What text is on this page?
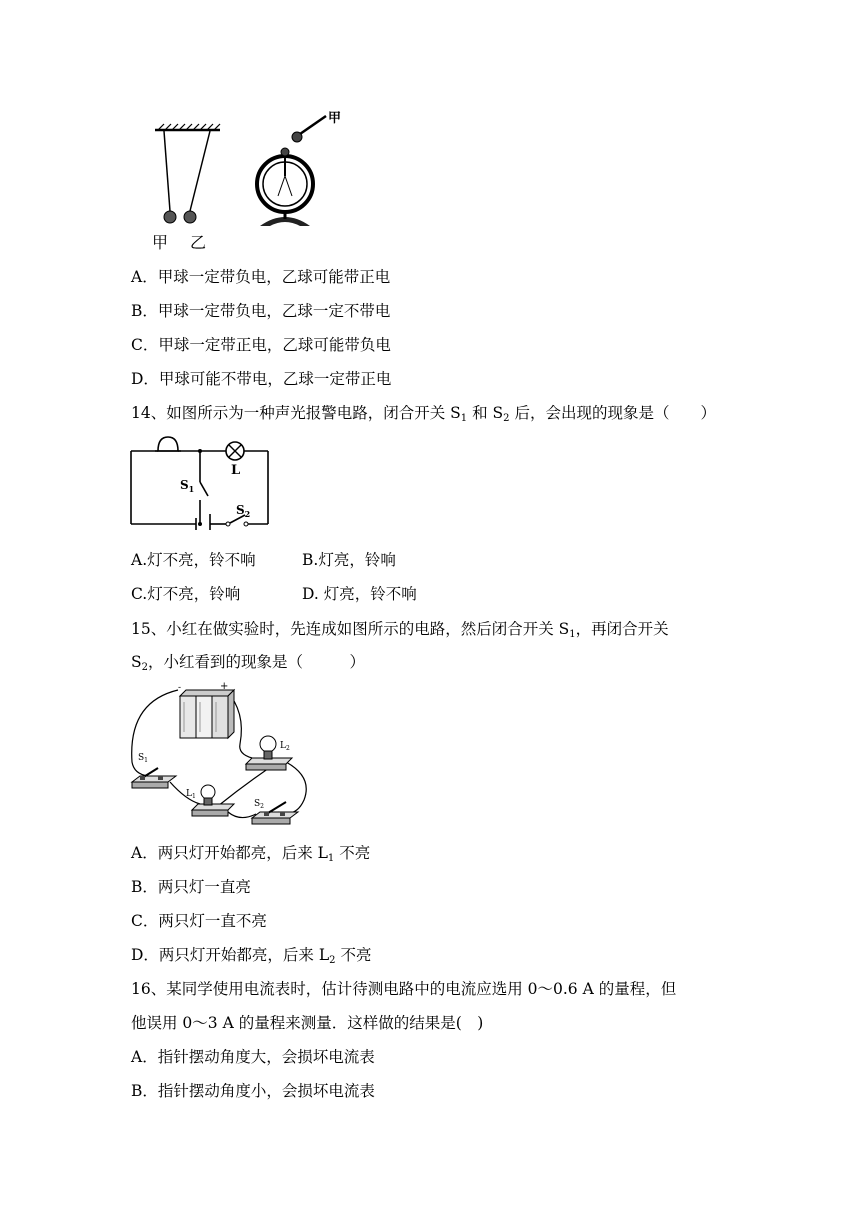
甲 乙
甲
A．甲球一定带负电，乙球可能带正电
B．甲球一定带负电，乙球一定不带电
C．甲球一定带正电，乙球可能带负电
D．甲球可能不带电，乙球一定带正电
14、如图所示为一种声光报警电路，闭合开关 $S_1$ 和 $S_2$ 后，会出现的现象是（　　）
L
$S_1$
$S_2$
A.灯不亮，铃不响	B.灯亮，铃响
C.灯不亮，铃响	D. 灯亮，铃不响
15、小红在做实验时，先连成如图所示的电路，然后闭合开关 $S_1$，再闭合开关
$S_2$，小红看到的现象是（　　　）
-	+
$S_1$
$L_2$
$L_1$
$S_2$
A．两只灯开始都亮，后来 $L_1$ 不亮
B．两只灯一直亮
C．两只灯一直不亮
D．两只灯开始都亮，后来 $L_2$ 不亮
16、某同学使用电流表时，估计待测电路中的电流应选用 0～0.6 A 的量程，但
他误用 0～3 A 的量程来测量．这样做的结果是(　)
A．指针摆动角度大，会损坏电流表
B．指针摆动角度小，会损坏电流表
